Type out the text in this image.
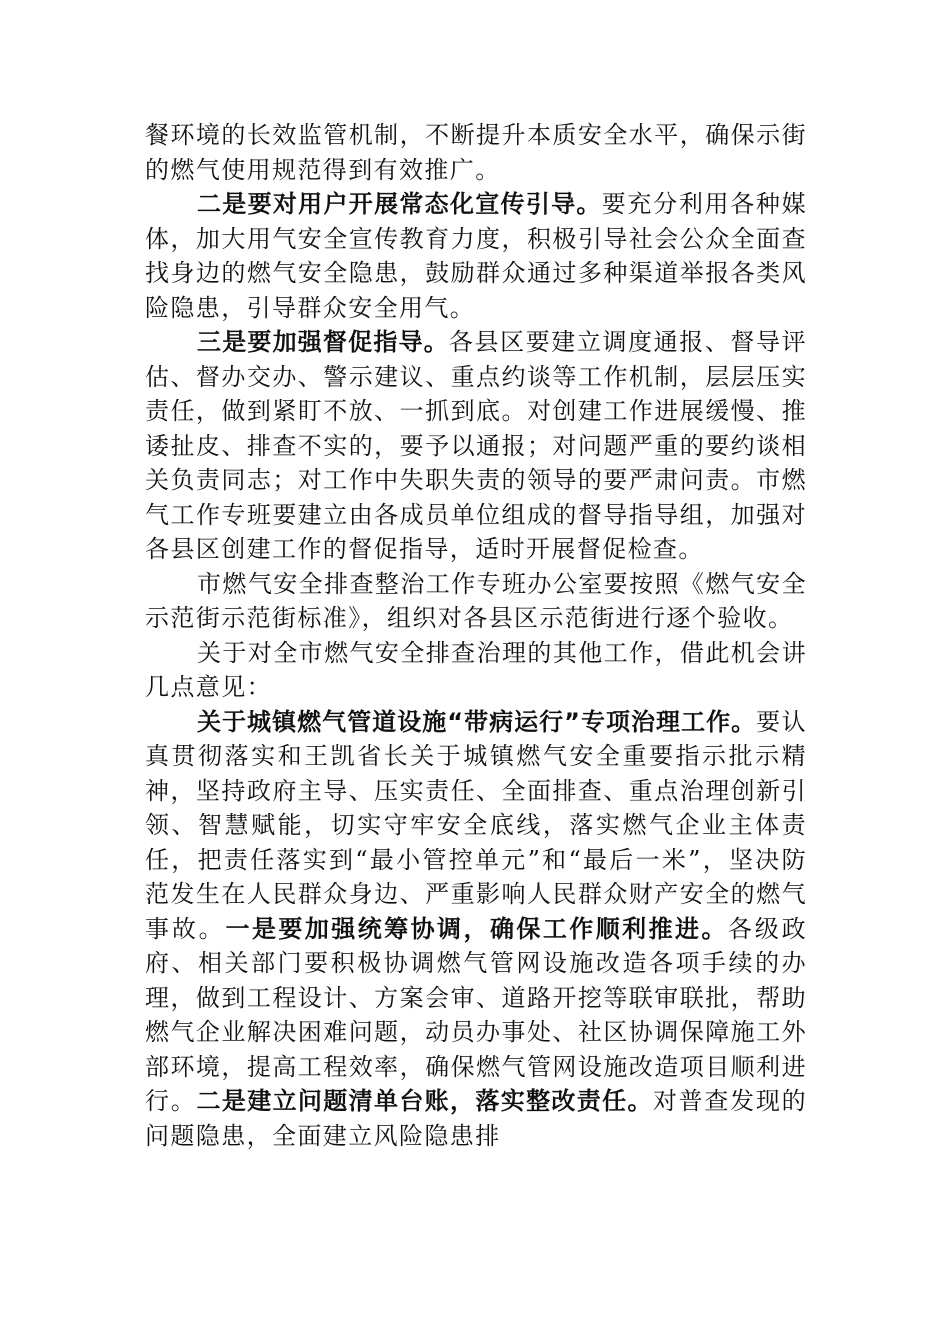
餐环境的长效监管机制，不断提升本质安全水平，确保示街的燃气使用规范得到有效推广。

二是要对用户开展常态化宣传引导。要充分利用各种媒体，加大用气安全宣传教育力度，积极引导社会公众全面查找身边的燃气安全隐患，鼓励群众通过多种渠道举报各类风险隐患，引导群众安全用气。

三是要加强督促指导。各县区要建立调度通报、督导评估、督办交办、警示建议、重点约谈等工作机制，层层压实责任，做到紧盯不放、一抓到底。对创建工作进展缓慢、推诿扯皮、排查不实的，要予以通报；对问题严重的要约谈相关负责同志；对工作中失职失责的领导的要严肃问责。市燃气工作专班要建立由各成员单位组成的督导指导组，加强对各县区创建工作的督促指导，适时开展督促检查。

市燃气安全排查整治工作专班办公室要按照《燃气安全示范街示范街标准》，组织对各县区示范街进行逐个验收。

关于对全市燃气安全排查治理的其他工作，借此机会讲几点意见：

关于城镇燃气管道设施“带病运行”专项治理工作。要认真贯彻落实和王凯省长关于城镇燃气安全重要指示批示精神，坚持政府主导、压实责任、全面排查、重点治理创新引领、智慧赋能，切实守牢安全底线，落实燃气企业主体责任，把责任落实到“最小管控单元”和“最后一米”，坚决防范发生在人民群众身边、严重影响人民群众财产安全的燃气事故。一是要加强统筹协调，确保工作顺利推进。各级政府、相关部门要积极协调燃气管网设施改造各项手续的办理，做到工程设计、方案会审、道路开挖等联审联批，帮助燃气企业解决困难问题，动员办事处、社区协调保障施工外部环境，提高工程效率，确保燃气管网设施改造项目顺利进行。二是建立问题清单台账，落实整改责任。对普查发现的问题隐患，全面建立风险隐患排
